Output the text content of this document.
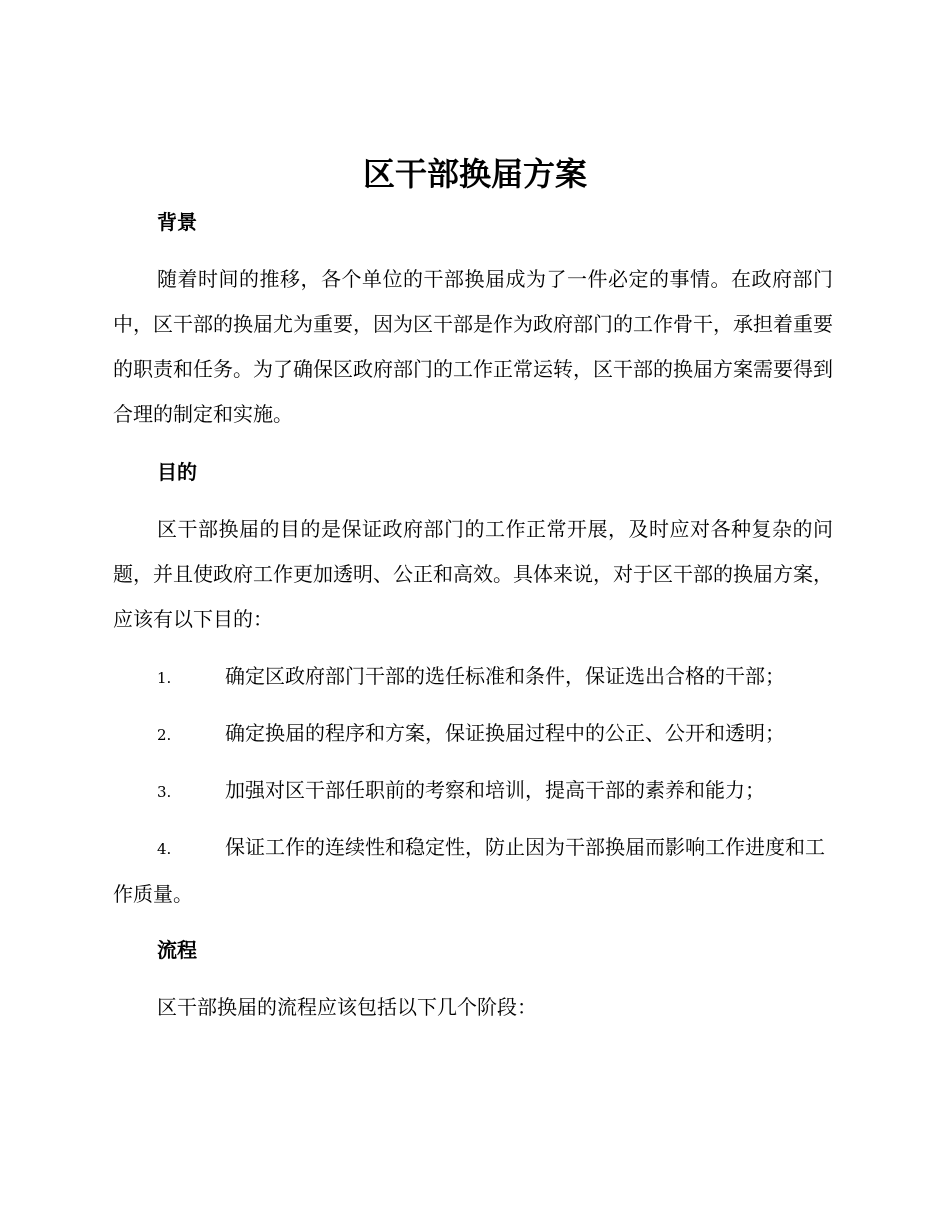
区干部换届方案
背景

随着时间的推移，各个单位的干部换届成为了一件必定的事情。在政府部门中，区干部的换届尤为重要，因为区干部是作为政府部门的工作骨干，承担着重要的职责和任务。为了确保区政府部门的工作正常运转，区干部的换届方案需要得到合理的制定和实施。

目的

区干部换届的目的是保证政府部门的工作正常开展，及时应对各种复杂的问题，并且使政府工作更加透明、公正和高效。具体来说，对于区干部的换届方案，应该有以下目的：

1.	确定区政府部门干部的选任标准和条件，保证选出合格的干部；
2.	确定换届的程序和方案，保证换届过程中的公正、公开和透明；
3.	加强对区干部任职前的考察和培训，提高干部的素养和能力；
4.	保证工作的连续性和稳定性，防止因为干部换届而影响工作进度和工作质量。
流程

区干部换届的流程应该包括以下几个阶段：
